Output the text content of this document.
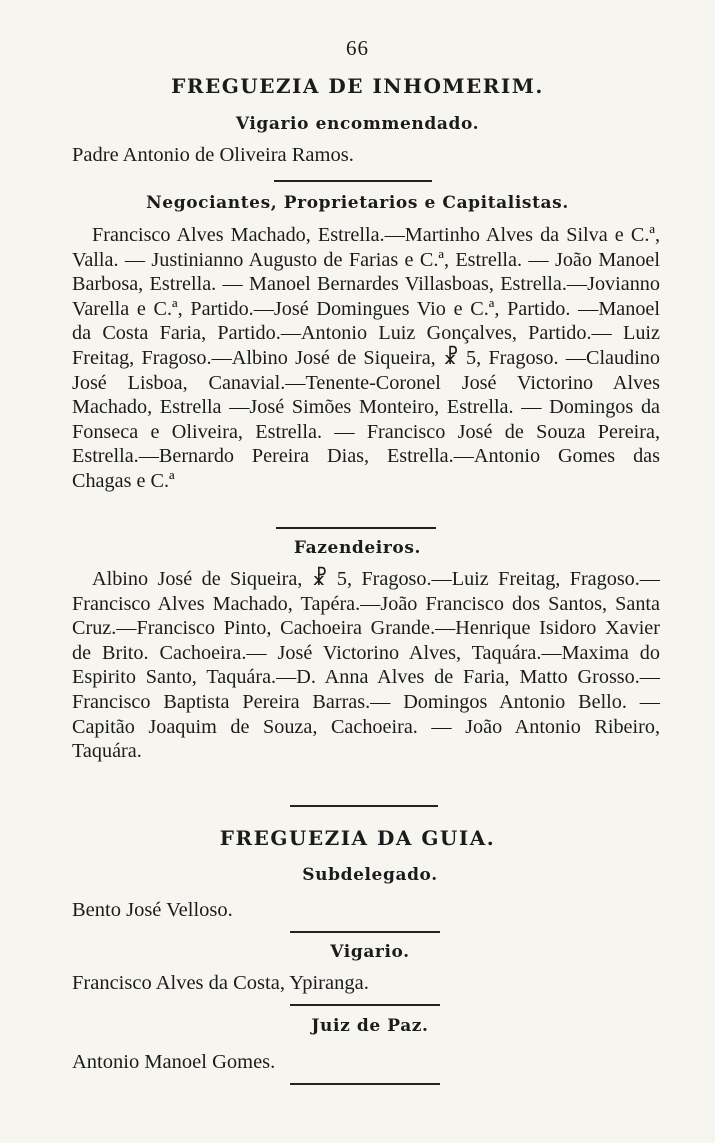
66
FREGUEZIA DE INHOMERIM.
Vigario encommendado.
Padre Antonio de Oliveira Ramos.
Negociantes, Proprietarios e Capitalistas.
Francisco Alves Machado, Estrella.—Martinho Alves da Silva e C.ª, Valla. — Justinianno Augusto de Farias e C.ª, Estrella. — João Manoel Barbosa, Estrella. — Manoel Bernardes Villasboas, Estrella.—Jovianno Varella e C.ª, Partido.—José Domingues Vio e C.ª, Partido. —Manoel da Costa Faria, Partido.—Antonio Luiz Gonçalves, Partido.— Luiz Freitag, Fragoso.—Albino José de Siqueira, ☧ 5, Fragoso. —Claudino José Lisboa, Canavial.—Tenente-Coronel José Victorino Alves Machado, Estrella —José Simões Monteiro, Estrella. — Domingos da Fonseca e Oliveira, Estrella. — Francisco José de Souza Pereira, Estrella.—Bernardo Pereira Dias, Estrella.—Antonio Gomes das Chagas e C.ª
Fazendeiros.
Albino José de Siqueira, ☧ 5, Fragoso.—Luiz Freitag, Fragoso.—Francisco Alves Machado, Tapéra.—João Francisco dos Santos, Santa Cruz.—Francisco Pinto, Cachoeira Grande.—Henrique Isidoro Xavier de Brito. Cachoeira.— José Victorino Alves, Taquára.—Maxima do Espirito Santo, Taquára.—D. Anna Alves de Faria, Matto Grosso.—Francisco Baptista Pereira Barras.— Domingos Antonio Bello. —Capitão Joaquim de Souza, Cachoeira. — João Antonio Ribeiro, Taquára.
FREGUEZIA DA GUIA.
Subdelegado.
Bento José Velloso.
Vigario.
Francisco Alves da Costa, Ypiranga.
Juiz de Paz.
Antonio Manoel Gomes.
